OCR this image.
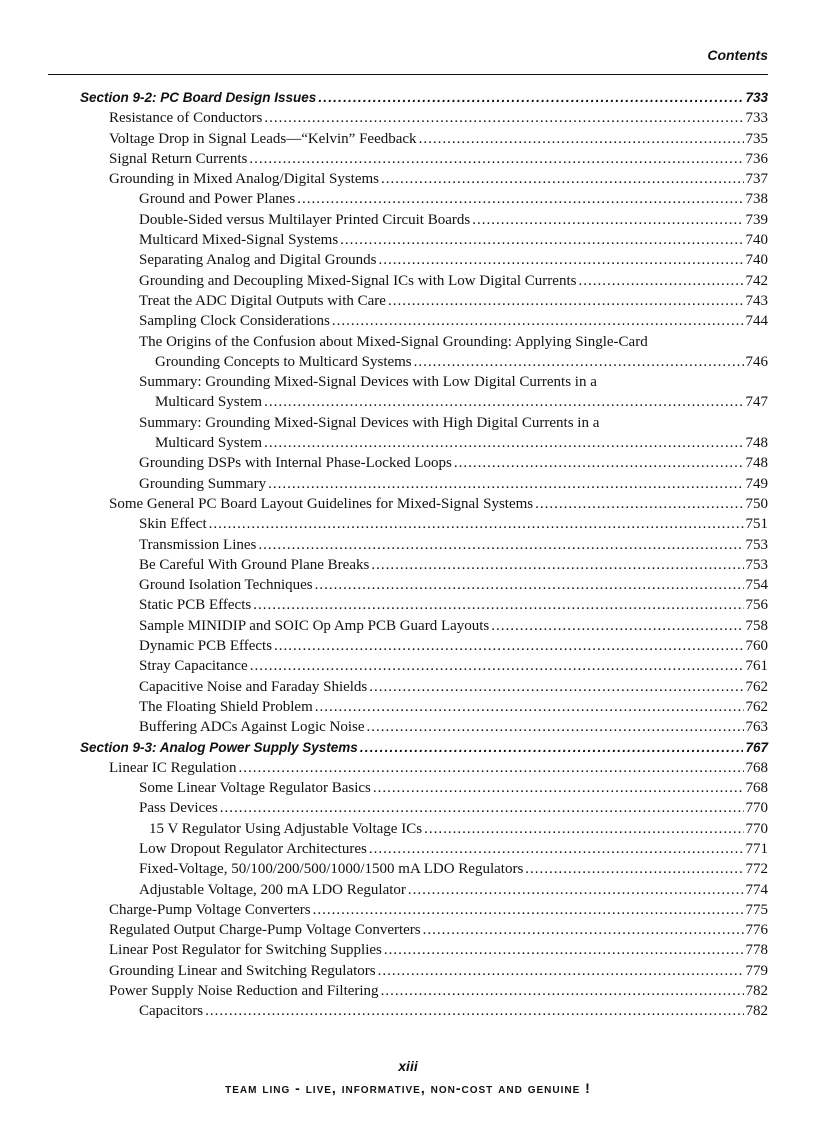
Contents
Section 9-2: PC Board Design Issues .....	733
Resistance of Conductors .....	733
Voltage Drop in Signal Leads—“Kelvin” Feedback .....	735
Signal Return Currents .....	736
Grounding in Mixed Analog/Digital Systems .....	737
Ground and Power Planes .....	738
Double-Sided versus Multilayer Printed Circuit Boards .....	739
Multicard Mixed-Signal Systems .....	740
Separating Analog and Digital Grounds .....	740
Grounding and Decoupling Mixed-Signal ICs with Low Digital Currents .....	742
Treat the ADC Digital Outputs with Care .....	743
Sampling Clock Considerations .....	744
The Origins of the Confusion about Mixed-Signal Grounding: Applying Single-Card
Grounding Concepts to Multicard Systems .....	746
Summary: Grounding Mixed-Signal Devices with Low Digital Currents in a
Multicard System .....	747
Summary: Grounding Mixed-Signal Devices with High Digital Currents in a
Multicard System .....	748
Grounding DSPs with Internal Phase-Locked Loops .....	748
Grounding Summary .....	749
Some General PC Board Layout Guidelines for Mixed-Signal Systems .....	750
Skin Effect .....	751
Transmission Lines .....	753
Be Careful With Ground Plane Breaks .....	753
Ground Isolation Techniques .....	754
Static PCB Effects .....	756
Sample MINIDIP and SOIC Op Amp PCB Guard Layouts .....	758
Dynamic PCB Effects .....	760
Stray Capacitance .....	761
Capacitive Noise and Faraday Shields .....	762
The Floating Shield Problem .....	762
Buffering ADCs Against Logic Noise .....	763
Section 9-3: Analog Power Supply Systems .....	767
Linear IC Regulation .....	768
Some Linear Voltage Regulator Basics .....	768
Pass Devices .....	770
15 V Regulator Using Adjustable Voltage ICs .....	770
Low Dropout Regulator Architectures .....	771
Fixed-Voltage, 50/100/200/500/1000/1500 mA LDO Regulators .....	772
Adjustable Voltage, 200 mA LDO Regulator .....	774
Charge-Pump Voltage Converters .....	775
Regulated Output Charge-Pump Voltage Converters .....	776
Linear Post Regulator for Switching Supplies .....	778
Grounding Linear and Switching Regulators .....	779
Power Supply Noise Reduction and Filtering .....	782
Capacitors .....	782
xiii
team ling - live, informative, non-cost and genuine !
